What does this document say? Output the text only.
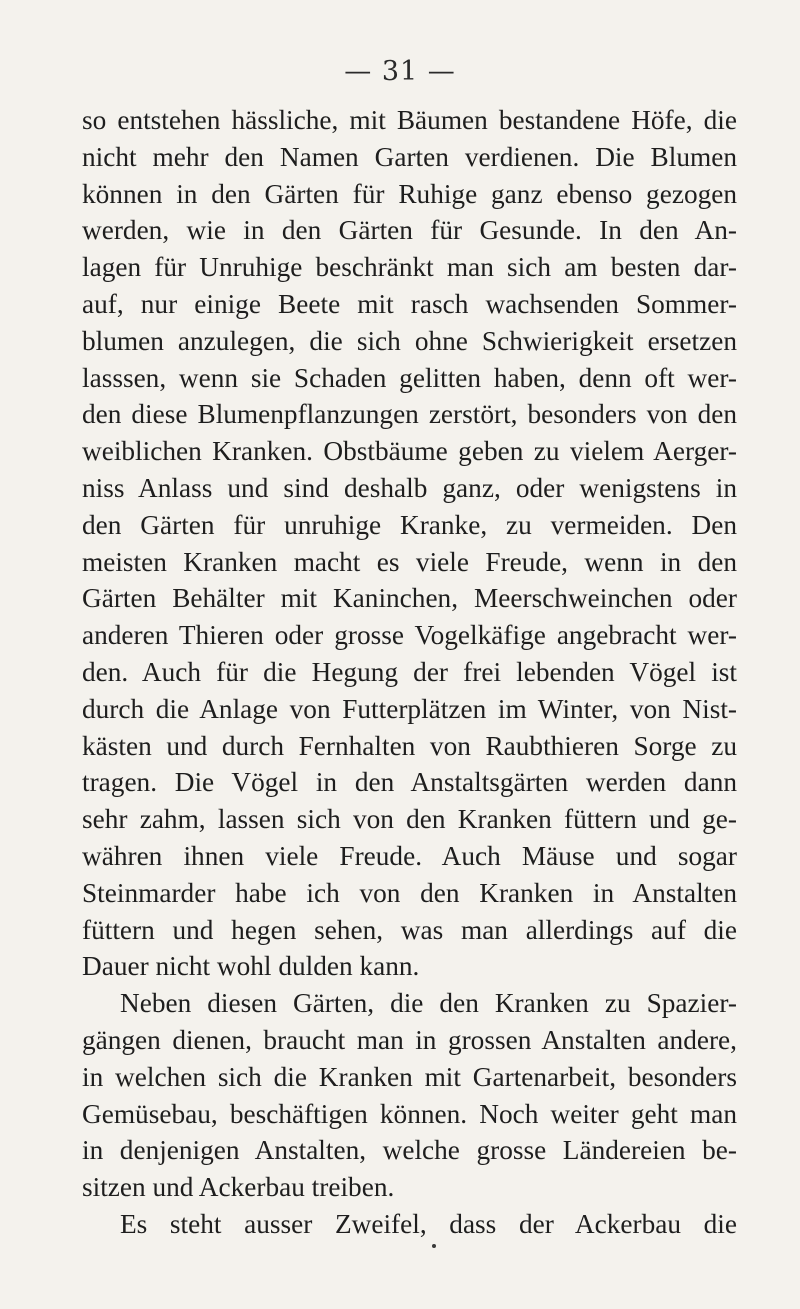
— 31 —
so entstehen hässliche, mit Bäumen bestandene Höfe, die
nicht mehr den Namen Garten verdienen. Die Blumen
können in den Gärten für Ruhige ganz ebenso gezogen
werden, wie in den Gärten für Gesunde. In den An-
lagen für Unruhige beschränkt man sich am besten dar-
auf, nur einige Beete mit rasch wachsenden Sommer-
blumen anzulegen, die sich ohne Schwierigkeit ersetzen
lasssen, wenn sie Schaden gelitten haben, denn oft wer-
den diese Blumenpflanzungen zerstört, besonders von den
weiblichen Kranken. Obstbäume geben zu vielem Aerger-
niss Anlass und sind deshalb ganz, oder wenigstens in
den Gärten für unruhige Kranke, zu vermeiden. Den
meisten Kranken macht es viele Freude, wenn in den
Gärten Behälter mit Kaninchen, Meerschweinchen oder
anderen Thieren oder grosse Vogelkäfige angebracht wer-
den. Auch für die Hegung der frei lebenden Vögel ist
durch die Anlage von Futterplätzen im Winter, von Nist-
kästen und durch Fernhalten von Raubthieren Sorge zu
tragen. Die Vögel in den Anstaltsgärten werden dann
sehr zahm, lassen sich von den Kranken füttern und ge-
währen ihnen viele Freude. Auch Mäuse und sogar
Steinmarder habe ich von den Kranken in Anstalten
füttern und hegen sehen, was man allerdings auf die
Dauer nicht wohl dulden kann.
Neben diesen Gärten, die den Kranken zu Spazier-
gängen dienen, braucht man in grossen Anstalten andere,
in welchen sich die Kranken mit Gartenarbeit, besonders
Gemüsebau, beschäftigen können. Noch weiter geht man
in denjenigen Anstalten, welche grosse Ländereien be-
sitzen und Ackerbau treiben.
Es steht ausser Zweifel, dass der Ackerbau die
